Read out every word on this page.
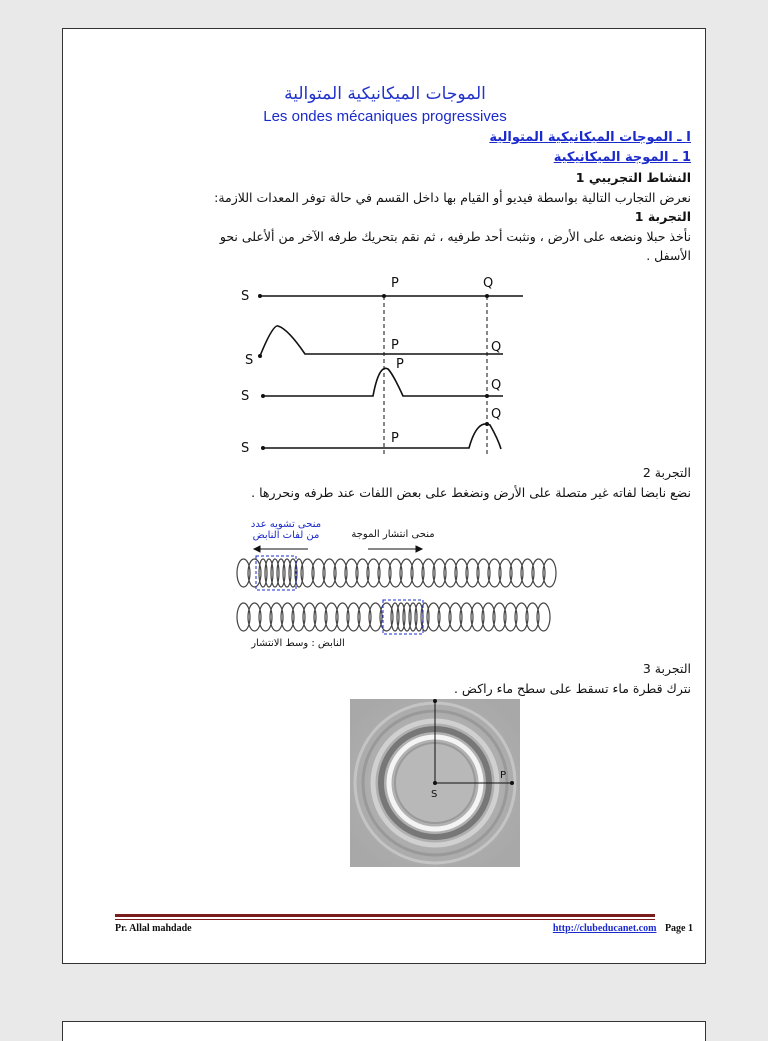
الموجات الميكانيكية المتوالية
Les ondes mécaniques progressives
I ـ الموجات الميكانيكية المتوالية
1 ـ الموجة الميكانيكية
النشاط التجريبي 1
نعرض التجارب التالية بواسطة فيديو أو القيام بها داخل القسم في حالة توفر المعدات اللازمة:
التجربة 1
نأخذ حبلا ونضعه على الأرض ، ونثبت أحد طرفيه ، ثم نقم بتحريك طرفه الآخر من ألأعلى نحو
الأسفل .
S
P	Q
S
P	Q
S
P
Q
S
P
Q
التجربة 2
نضع نابضا لفاته غير متصلة على الأرض ونضغط على بعض اللفات عند طرفه ونحررها .
منحى تشويه عدد
من لفات النابض	منحى انتشار الموجة
النابض : وسط الانتشار
التجربة 3
نترك قطرة ماء تسقط على سطح ماء راكض .
S
P
Pr. Allal mahdade	http://clubeducanet.com Page 1
